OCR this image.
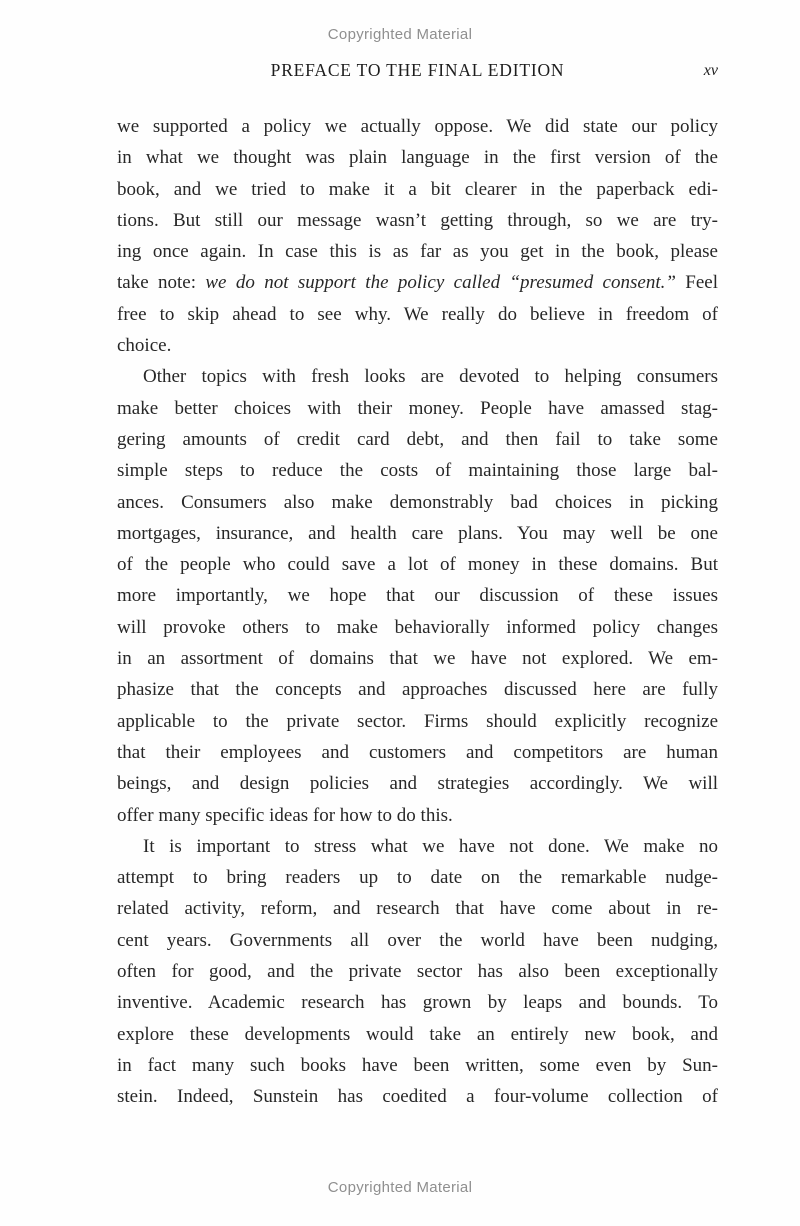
Copyrighted Material
PREFACE TO THE FINAL EDITION	xv
we supported a policy we actually oppose. We did state our policy
in what we thought was plain language in the first version of the
book, and we tried to make it a bit clearer in the paperback edi-
tions. But still our message wasn’t getting through, so we are try-
ing once again. In case this is as far as you get in the book, please
take note: we do not support the policy called “presumed consent.” Feel
free to skip ahead to see why. We really do believe in freedom of
choice.
Other topics with fresh looks are devoted to helping consumers
make better choices with their money. People have amassed stag-
gering amounts of credit card debt, and then fail to take some
simple steps to reduce the costs of maintaining those large bal-
ances. Consumers also make demonstrably bad choices in picking
mortgages, insurance, and health care plans. You may well be one
of the people who could save a lot of money in these domains. But
more importantly, we hope that our discussion of these issues
will provoke others to make behaviorally informed policy changes
in an assortment of domains that we have not explored. We em-
phasize that the concepts and approaches discussed here are fully
applicable to the private sector. Firms should explicitly recognize
that their employees and customers and competitors are human
beings, and design policies and strategies accordingly. We will
offer many specific ideas for how to do this.
It is important to stress what we have not done. We make no
attempt to bring readers up to date on the remarkable nudge-
related activity, reform, and research that have come about in re-
cent years. Governments all over the world have been nudging,
often for good, and the private sector has also been exceptionally
inventive. Academic research has grown by leaps and bounds. To
explore these developments would take an entirely new book, and
in fact many such books have been written, some even by Sun-
stein. Indeed, Sunstein has coedited a four-volume collection of
Copyrighted Material
